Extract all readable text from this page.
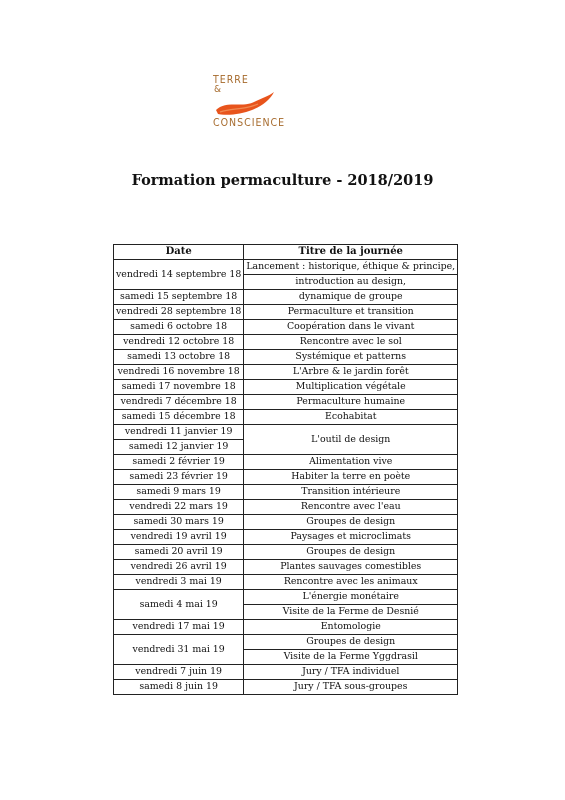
TERRE
&
CONSCIENCE
Formation permaculture - 2018/2019
Date	Titre de la journée
vendredi 14 septembre 18	Lancement : historique, éthique & principe,
	introduction au design,
samedi 15 septembre 18	dynamique de groupe
vendredi 28 septembre 18	Permaculture et transition
samedi 6 octobre 18	Coopération dans le vivant
vendredi 12 octobre 18	Rencontre avec le sol
samedi 13 octobre 18	Systémique et patterns
vendredi 16 novembre 18	L'Arbre & le jardin forêt
samedi 17 novembre 18	Multiplication végétale
vendredi 7 décembre 18	Permaculture humaine
samedi 15 décembre 18	Ecohabitat
vendredi 11 janvier 19	L'outil de design
samedi 12 janvier 19	
samedi 2 février 19	Alimentation vive
samedi 23 février 19	Habiter la terre en poète
samedi 9 mars 19	Transition intérieure
vendredi 22 mars 19	Rencontre avec l'eau
samedi 30 mars 19	Groupes de design
vendredi 19 avril 19	Paysages et microclimats
samedi 20 avril 19	Groupes de design
vendredi 26 avril 19	Plantes sauvages comestibles
vendredi 3 mai 19	Rencontre avec les animaux
samedi 4 mai 19	L'énergie monétaire
	Visite de la Ferme de Desnié
vendredi 17 mai 19	Entomologie
vendredi 31 mai 19	Groupes de design
	Visite de la Ferme Yggdrasil
vendredi 7 juin 19	Jury / TFA individuel
samedi 8 juin 19	Jury / TFA sous-groupes
